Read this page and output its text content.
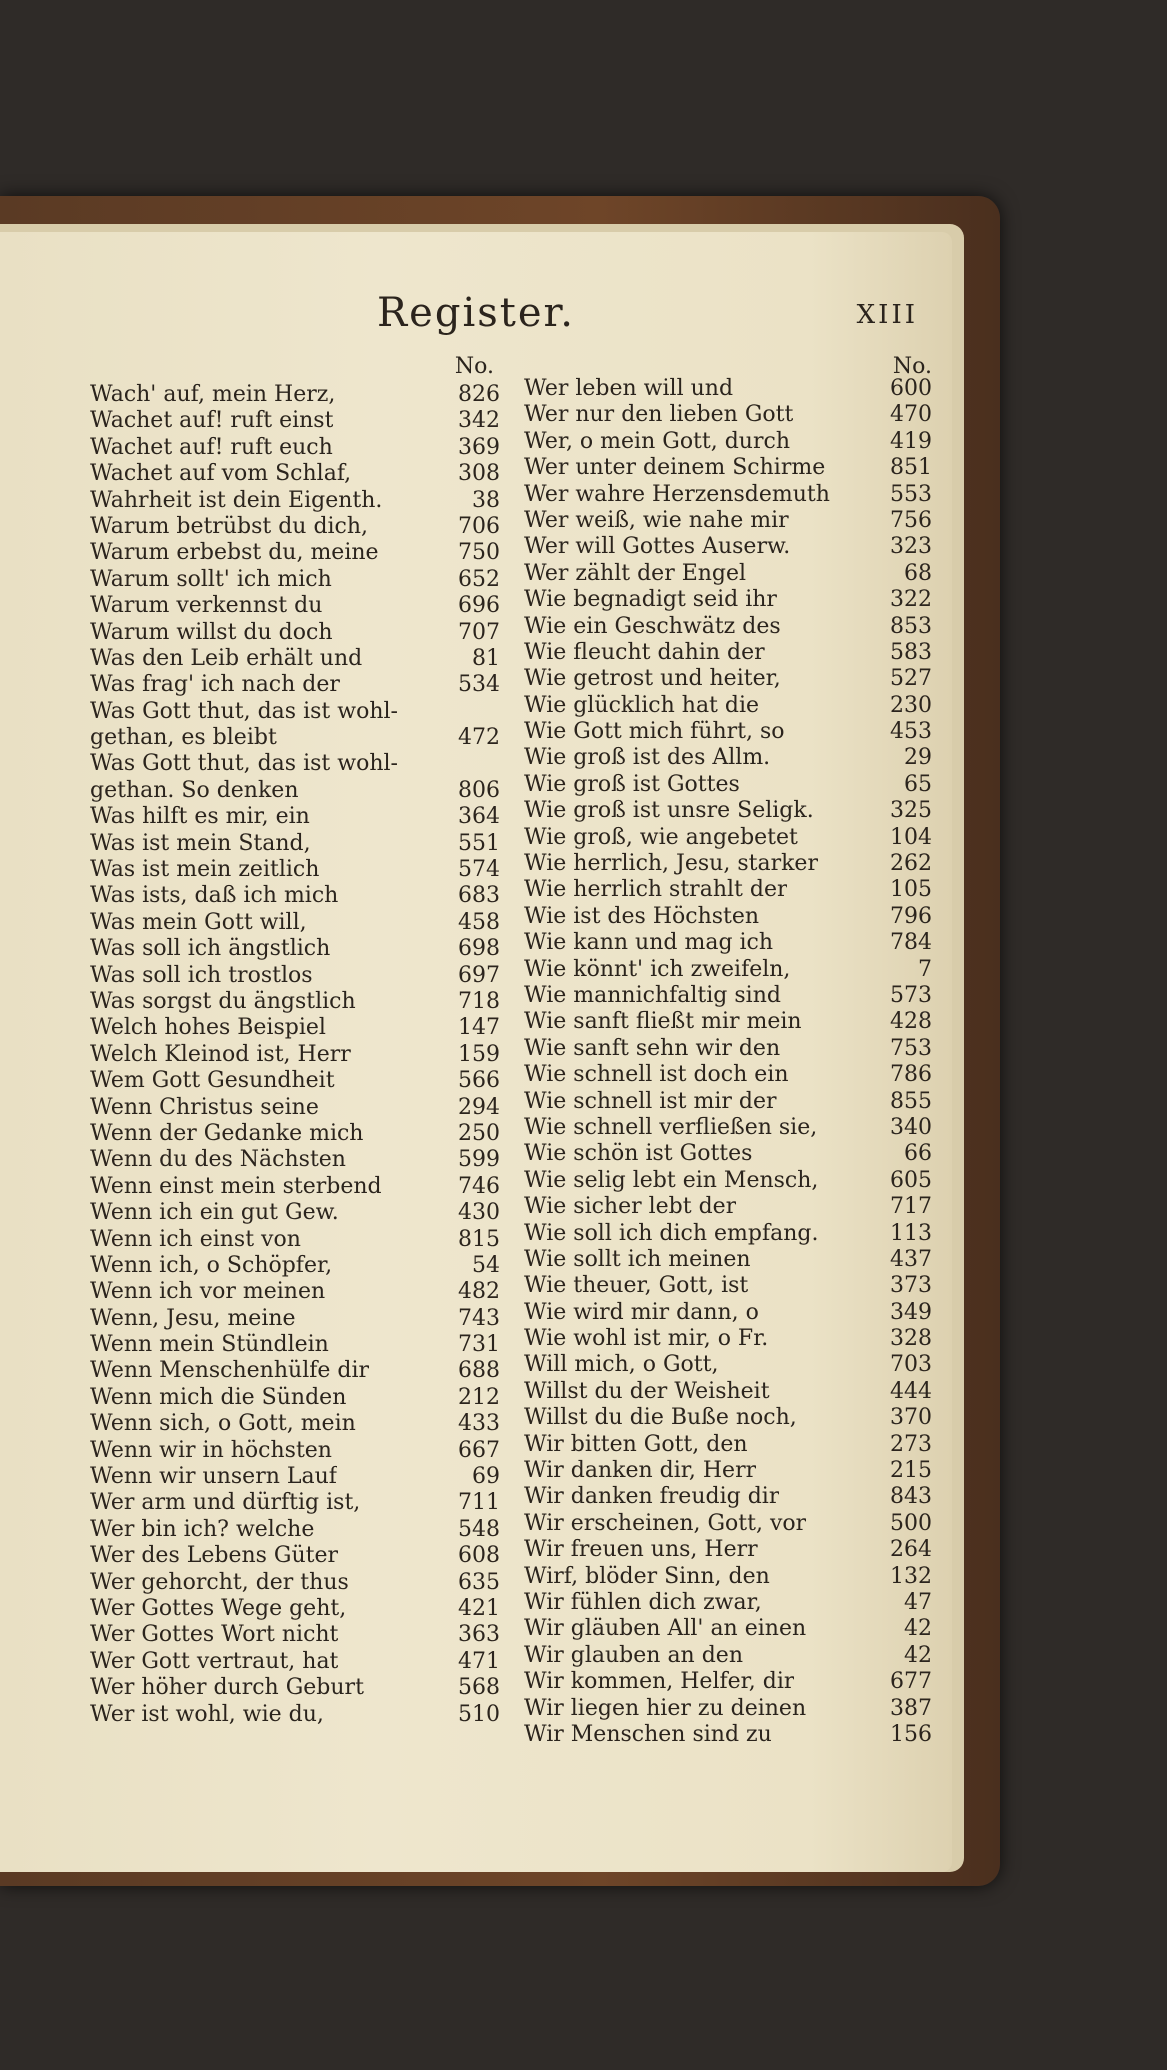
Register.	XIII
No.
Wach' auf, mein Herz,	826
Wachet auf! ruft einst	342
Wachet auf! ruft euch	369
Wachet auf vom Schlaf,	308
Wahrheit ist dein Eigenth.	38
Warum betrübst du dich,	706
Warum erbebst du, meine	750
Warum sollt' ich mich	652
Warum verkennst du	696
Warum willst du doch	707
Was den Leib erhält und	81
Was frag' ich nach der	534
Was Gott thut, das ist wohl-
gethan, es bleibt	472
Was Gott thut, das ist wohl-
gethan. So denken	806
Was hilft es mir, ein	364
Was ist mein Stand,	551
Was ist mein zeitlich	574
Was ists, daß ich mich	683
Was mein Gott will,	458
Was soll ich ängstlich	698
Was soll ich trostlos	697
Was sorgst du ängstlich	718
Welch hohes Beispiel	147
Welch Kleinod ist, Herr	159
Wem Gott Gesundheit	566
Wenn Christus seine	294
Wenn der Gedanke mich	250
Wenn du des Nächsten	599
Wenn einst mein sterbend	746
Wenn ich ein gut Gew.	430
Wenn ich einst von	815
Wenn ich, o Schöpfer,	54
Wenn ich vor meinen	482
Wenn, Jesu, meine	743
Wenn mein Stündlein	731
Wenn Menschenhülfe dir	688
Wenn mich die Sünden	212
Wenn sich, o Gott, mein	433
Wenn wir in höchsten	667
Wenn wir unsern Lauf	69
Wer arm und dürftig ist,	711
Wer bin ich? welche	548
Wer des Lebens Güter	608
Wer gehorcht, der thus	635
Wer Gottes Wege geht,	421
Wer Gottes Wort nicht	363
Wer Gott vertraut, hat	471
Wer höher durch Geburt	568
Wer ist wohl, wie du,	510
No.
Wer leben will und	600
Wer nur den lieben Gott	470
Wer, o mein Gott, durch	419
Wer unter deinem Schirme	851
Wer wahre Herzensdemuth	553
Wer weiß, wie nahe mir	756
Wer will Gottes Auserw.	323
Wer zählt der Engel	68
Wie begnadigt seid ihr	322
Wie ein Geschwätz des	853
Wie fleucht dahin der	583
Wie getrost und heiter,	527
Wie glücklich hat die	230
Wie Gott mich führt, so	453
Wie groß ist des Allm.	29
Wie groß ist Gottes	65
Wie groß ist unsre Seligk.	325
Wie groß, wie angebetet	104
Wie herrlich, Jesu, starker	262
Wie herrlich strahlt der	105
Wie ist des Höchsten	796
Wie kann und mag ich	784
Wie könnt' ich zweifeln,	7
Wie mannichfaltig sind	573
Wie sanft fließt mir mein	428
Wie sanft sehn wir den	753
Wie schnell ist doch ein	786
Wie schnell ist mir der	855
Wie schnell verfließen sie,	340
Wie schön ist Gottes	66
Wie selig lebt ein Mensch,	605
Wie sicher lebt der	717
Wie soll ich dich empfang.	113
Wie sollt ich meinen	437
Wie theuer, Gott, ist	373
Wie wird mir dann, o	349
Wie wohl ist mir, o Fr.	328
Will mich, o Gott,	703
Willst du der Weisheit	444
Willst du die Buße noch,	370
Wir bitten Gott, den	273
Wir danken dir, Herr	215
Wir danken freudig dir	843
Wir erscheinen, Gott, vor	500
Wir freuen uns, Herr	264
Wirf, blöder Sinn, den	132
Wir fühlen dich zwar,	47
Wir gläuben All' an einen	42
Wir glauben an den	42
Wir kommen, Helfer, dir	677
Wir liegen hier zu deinen	387
Wir Menschen sind zu	156
